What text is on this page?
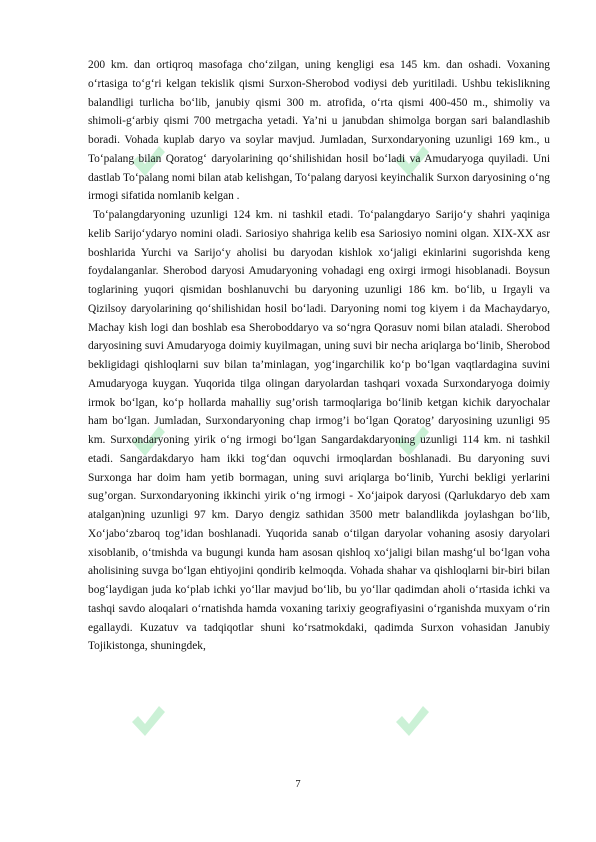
200 km. dan ortiqroq masofaga cho‘zilgan, uning kengligi esa 145 km. dan oshadi. Voxaning o‘rtasiga to‘g‘ri kelgan tekislik qismi Surxon-Sherobod vodiysi deb yuritiladi. Ushbu tekislikning balandligi turlicha bo‘lib, janubiy qismi 300 m. atrofida, o‘rta qismi 400-450 m., shimoliy va shimoli-g‘arbiy qismi 700 metrgacha yetadi. Ya’ni u janubdan shimolga borgan sari balandlashib boradi. Vohada kuplab daryo va soylar mavjud. Jumladan, Surxondaryoning uzunligi 169 km., u To‘palang bilan Qoratog‘ daryolarining qo‘shilishidan hosil bo‘ladi va Amudaryoga quyiladi. Uni dastlab To‘palang nomi bilan atab kelishgan, To‘palang daryosi keyinchalik Surxon daryosining o‘ng irmogi sifatida nomlanib kelgan .

To‘palangdaryoning uzunligi 124 km. ni tashkil etadi. To‘palangdaryo Sarijo‘y shahri yaqiniga kelib Sarijo‘ydaryo nomini oladi. Sariosiyo shahriga kelib esa Sariosiyo nomini olgan. XIX-XX asr boshlarida Yurchi va Sarijo‘y aholisi bu daryodan kishlok xo‘jaligi ekinlarini sugorishda keng foydalanganlar. Sherobod daryosi Amudaryoning vohadagi eng oxirgi irmogi hisoblanadi. Boysun toglarining yuqori qismidan boshlanuvchi bu daryoning uzunligi 186 km. bo‘lib, u Irgayli va Qizilsoy daryolarining qo‘shilishidan hosil bo‘ladi. Daryoning nomi tog kiyem i da Machaydaryo, Machay kish logi dan boshlab esa Sheroboddaryo va so‘ngra Qorasuv nomi bilan ataladi. Sherobod daryosining suvi Amudaryoga doimiy kuyilmagan, uning suvi bir necha ariqlarga bo‘linib, Sherobod bekligidagi qishloqlarni suv bilan ta’minlagan, yog‘ingarchilik ko‘p bo‘lgan vaqtlardagina suvini Amudaryoga kuygan. Yuqorida tilga olingan daryolardan tashqari voxada Surxondaryoga doimiy irmok bo‘lgan, ko‘p hollarda mahalliy sug’orish tarmoqlariga bo‘linib ketgan kichik daryochalar ham bo‘lgan. Jumladan, Surxondaryoning chap irmog’i bo‘lgan Qoratog’ daryosining uzunligi 95 km. Surxondaryoning yirik o‘ng irmogi bo‘lgan Sangardakdaryoning uzunligi 114 km. ni tashkil etadi. Sangardakdaryo ham ikki tog‘dan oquvchi irmoqlardan boshlanadi. Bu daryoning suvi Surxonga har doim ham yetib bormagan, uning suvi ariqlarga bo‘linib, Yurchi bekligi yerlarini sug’organ. Surxondaryoning ikkinchi yirik o‘ng irmogi - Xo‘jaipok daryosi (Qarlukdaryo deb xam atalgan)ning uzunligi 97 km. Daryo dengiz sathidan 3500 metr balandlikda joylashgan bo‘lib, Xo‘jabo‘zbaroq tog’idan boshlanadi. Yuqorida sanab o‘tilgan daryolar vohaning asosiy daryolari xisoblanib, o‘tmishda va bugungi kunda ham asosan qishloq xo‘jaligi bilan mashg‘ul bo‘lgan voha aholisining suvga bo‘lgan ehtiyojini qondirib kelmoqda. Vohada shahar va qishloqlarni bir-biri bilan bog‘laydigan juda ko‘plab ichki yo‘llar mavjud bo‘lib, bu yo‘llar qadimdan aholi o‘rtasida ichki va tashqi savdo aloqalari o‘rnatishda hamda voxaning tarixiy geografiyasini o‘rganishda muxyam o‘rin egallaydi. Kuzatuv va tadqiqotlar shuni ko‘rsatmokdaki, qadimda Surxon vohasidan Janubiy Tojikistonga, shuningdek,

7
